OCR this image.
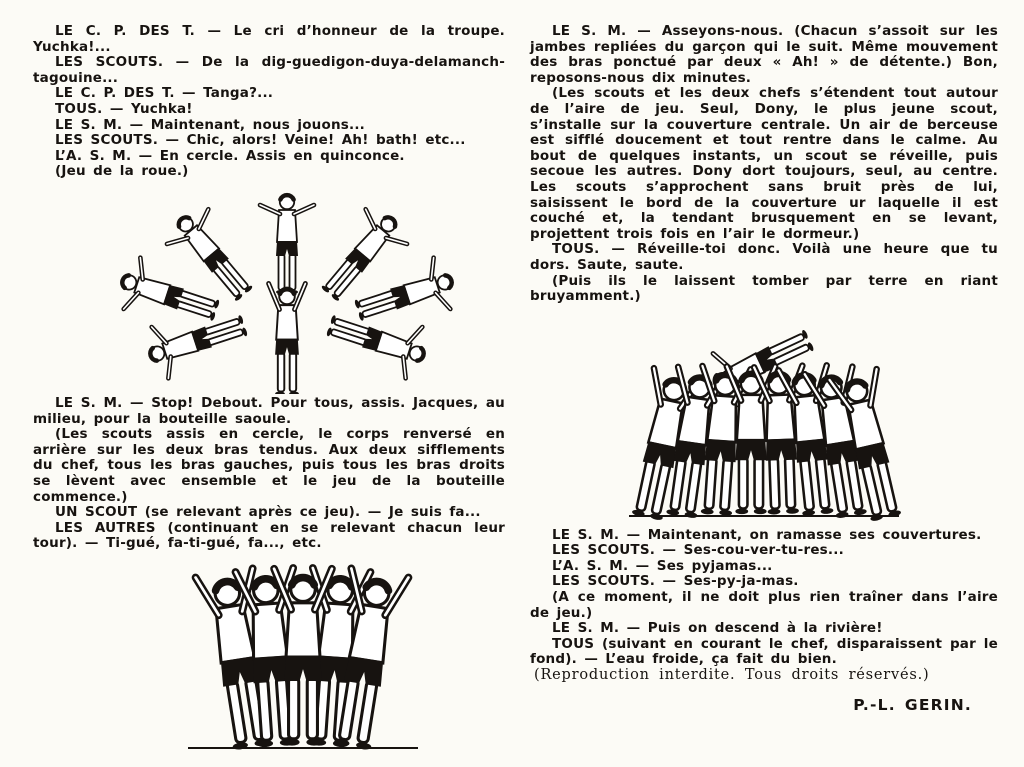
LE C. P. DES T. — Le cri d’honneur de la troupe. Yuchka!...

LES SCOUTS. — De la dig-guedigon-duya-delamanch-tagouine...

LE C. P. DES T. — Tanga?...

TOUS. — Yuchka!

LE S. M. — Maintenant, nous jouons...

LES SCOUTS. — Chic, alors! Veine! Ah! bath! etc...

L’A. S. M. — En cercle. Assis en quinconce.

(Jeu de la roue.)

LE S. M. — Stop! Debout. Pour tous, assis. Jacques, au milieu, pour la bouteille saoule.

(Les scouts assis en cercle, le corps renversé en arrière sur les deux bras tendus. Aux deux sifflements du chef, tous les bras gauches, puis tous les bras droits se lèvent avec ensemble et le jeu de la bouteille commence.)

UN SCOUT (se relevant après ce jeu). — Je suis fa...

LES AUTRES (continuant en se relevant chacun leur tour). — Ti-gué, fa-ti-gué, fa..., etc.

LE S. M. — Asseyons-nous. (Chacun s’assoit sur les jambes repliées du garçon qui le suit. Même mouvement des bras ponctué par deux « Ah! » de détente.) Bon, reposons-nous dix minutes.

(Les scouts et les deux chefs s’étendent tout autour de l’aire de jeu. Seul, Dony, le plus jeune scout, s’installe sur la couverture centrale. Un air de berceuse est sifflé doucement et tout rentre dans le calme. Au bout de quelques instants, un scout se réveille, puis secoue les autres. Dony dort toujours, seul, au centre. Les scouts s’approchent sans bruit près de lui, saisissent le bord de la couverture ur laquelle il est couché et, la tendant brusquement en se levant, projettent trois fois en l’air le dormeur.)

TOUS. — Réveille-toi donc. Voilà une heure que tu dors. Saute, saute.

(Puis ils le laissent tomber par terre en riant bruyamment.)

LE S. M. — Maintenant, on ramasse ses couvertures.

LES SCOUTS. — Ses-cou-ver-tu-res...

L’A. S. M. — Ses pyjamas...

LES SCOUTS. — Ses-py-ja-mas.

(A ce moment, il ne doit plus rien traîner dans l’aire de jeu.)

LE S. M. — Puis on descend à la rivière!

TOUS (suivant en courant le chef, disparaissent par le fond). — L’eau froide, ça fait du bien.

(Reproduction interdite. Tous droits réservés.)

P.-L. GERIN.
